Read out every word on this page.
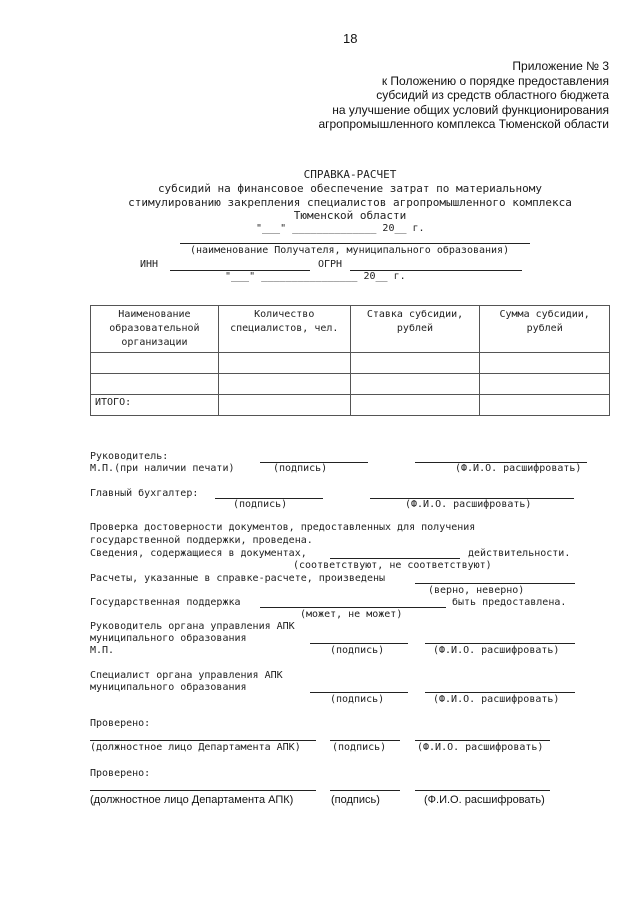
18
Приложение № 3
к Положению о порядке предоставления
субсидий из средств областного бюджета
на улучшение общих условий функционирования
агропромышленного комплекса Тюменской области
СПРАВКА-РАСЧЕТ
субсидий на финансовое обеспечение затрат по материальному
стимулированию закрепления специалистов агропромышленного комплекса
Тюменской области
"___" ______________ 20__ г.
(наименование Получателя, муниципального образования)
ИНН	ОГРН
"___" ________________ 20__ г.
Наименование образовательной организации	Количество специалистов, чел.	Ставка субсидии, рублей	Сумма субсидии, рублей

ИТОГО:			
Руководитель:
М.П.(при наличии печати)	(подпись)	(Ф.И.О. расшифровать)
Главный бухгалтер:
(подпись)	(Ф.И.О. расшифровать)
Проверка достоверности документов, предоставленных для получения
государственной поддержки, проведена.
Сведения, содержащиеся в документах,	действительности.
(соответствуют, не соответствуют)
Расчеты, указанные в справке-расчете, произведены
(верно, неверно)
Государственная поддержка	быть предоставлена.
(может, не может)
Руководитель органа управления АПК
муниципального образования
М.П.	(подпись)	(Ф.И.О. расшифровать)
Специалист органа управления АПК
муниципального образования
(подпись)	(Ф.И.О. расшифровать)
Проверено:
(должностное лицо Департамента АПК)	(подпись)	(Ф.И.О. расшифровать)
Проверено:
(должностное лицо Департамента АПК)	(подпись)	(Ф.И.О. расшифровать)
